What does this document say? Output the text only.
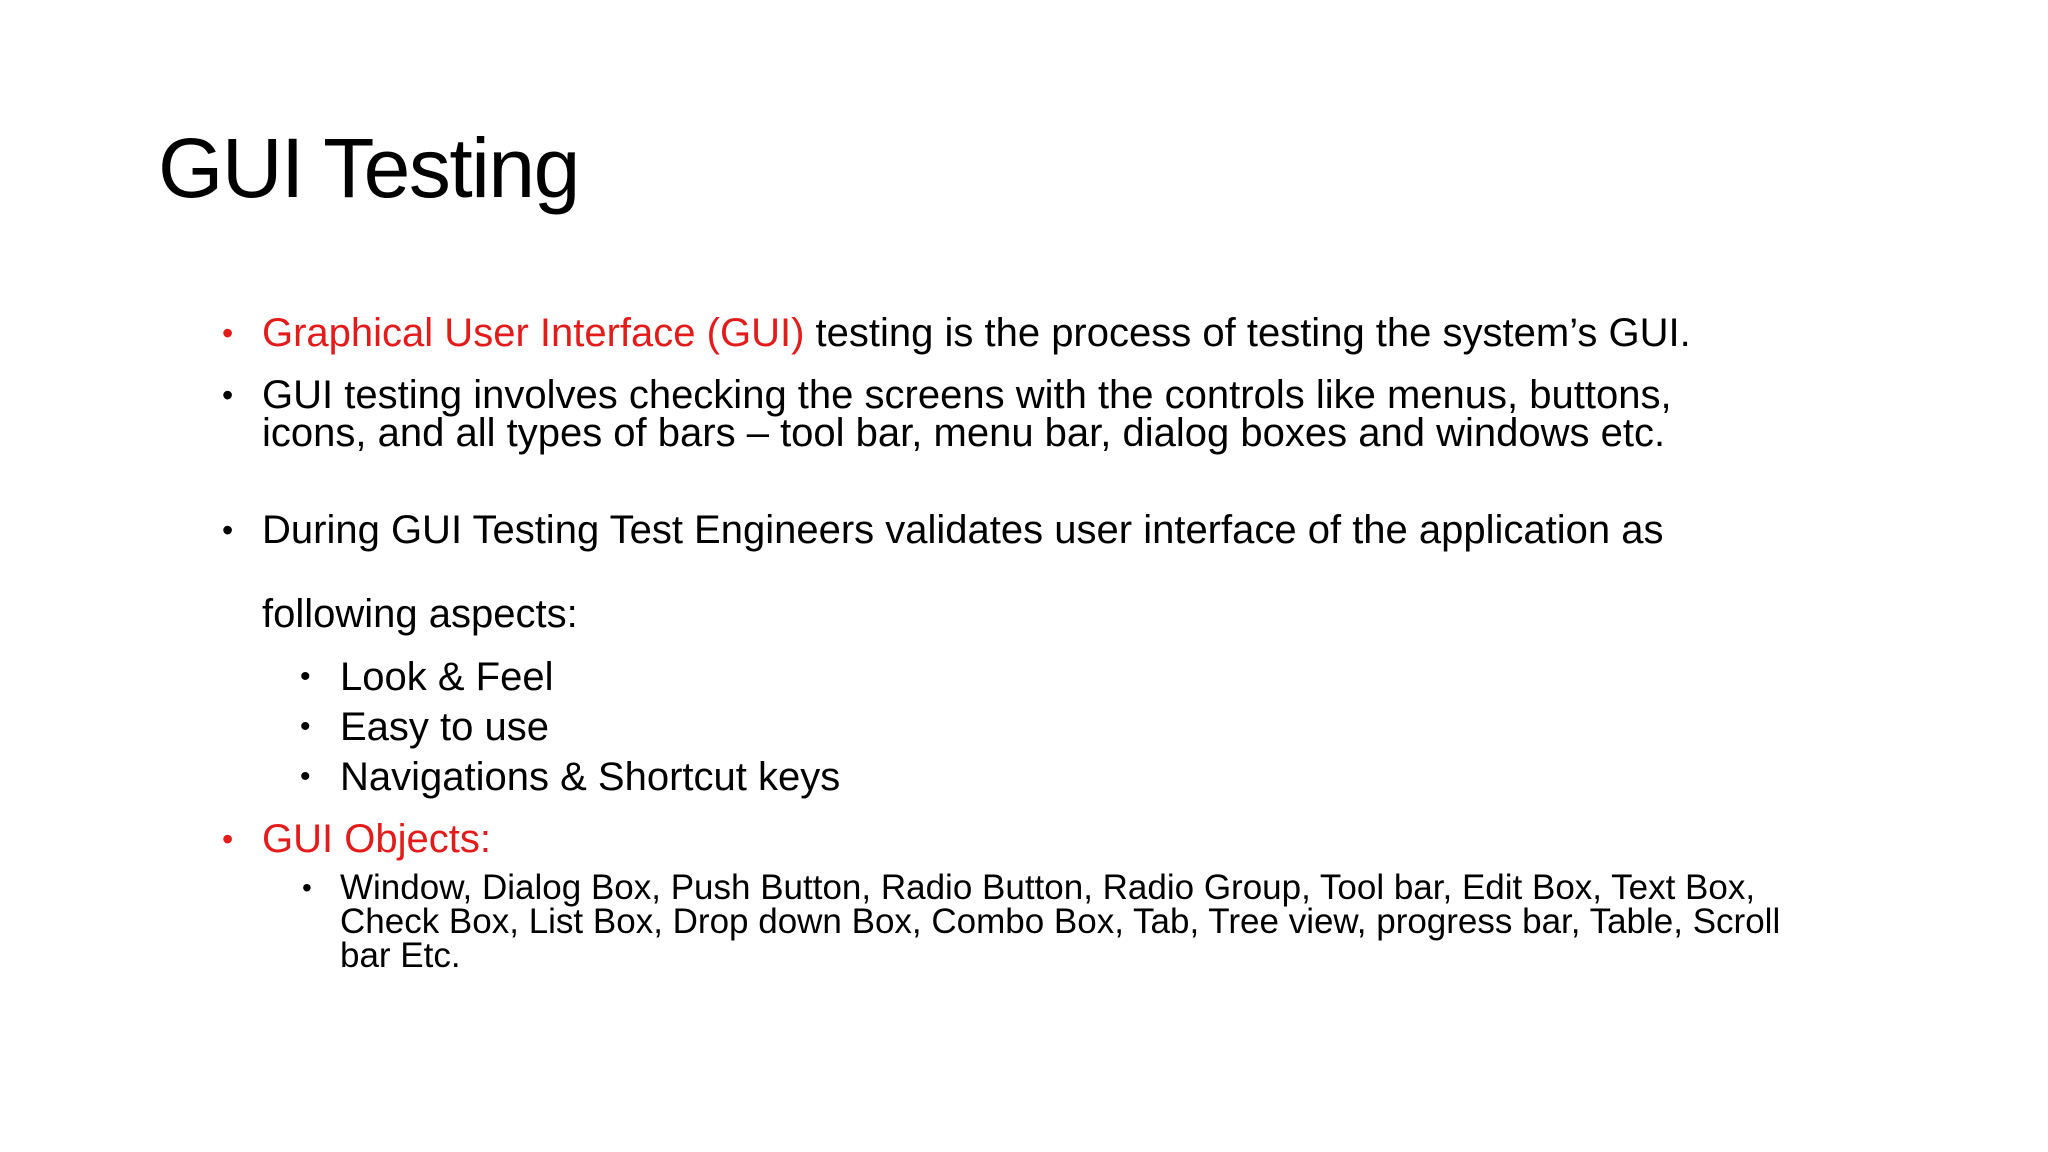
GUI Testing
• Graphical User Interface (GUI) testing is the process of testing the system’s GUI.
• GUI testing involves checking the screens with the controls like menus, buttons,
icons, and all types of bars – tool bar, menu bar, dialog boxes and windows etc.
• During GUI Testing Test Engineers validates user interface of the application as
following aspects:
• Look & Feel
• Easy to use
• Navigations & Shortcut keys
• GUI Objects:
• Window, Dialog Box, Push Button, Radio Button, Radio Group, Tool bar, Edit Box, Text Box,
Check Box, List Box, Drop down Box, Combo Box, Tab, Tree view, progress bar, Table, Scroll
bar Etc.
